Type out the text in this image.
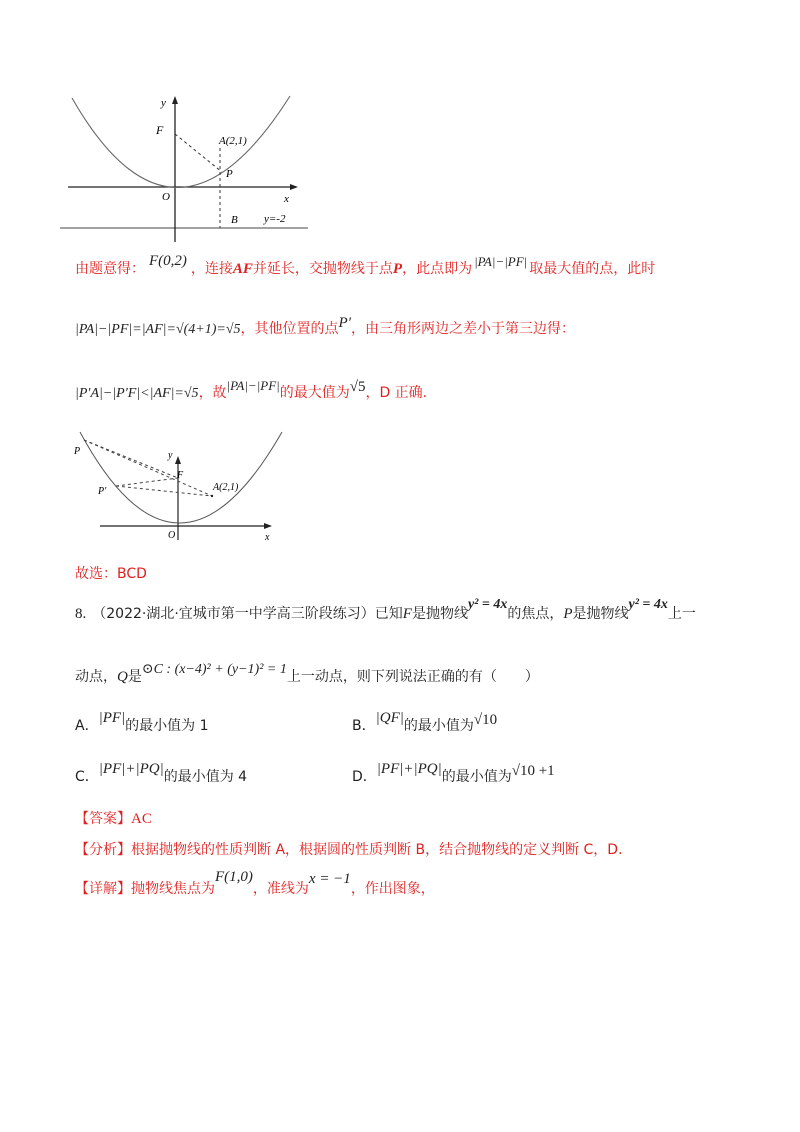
y
F
A(2,1)
P
O	x
B y=-2
由题意得： F(0,2) ，连接AF并延长，交抛物线于点P，此点即为 $^{|PA|-|PF|}$ 取最大值的点，此时
|PA|−|PF|=|AF|=√(4+1)=√5，其他位置的点P′，由三角形两边之差小于第三边得：
|P′A|−|P′F|<|AF|=√5，故$^{|PA|-|PF|}$的最大值为√5，D 正确.
P	y
F
P′	A(2,1)
O	x
故选：BCD
8. （2022·湖北·宜城市第一中学高三阶段练习）已知F是抛物线y² = 4x的焦点，P是抛物线y² = 4x上一
动点，Q是⊙C : (x−4)² + (y−1)² = 1上一动点，则下列说法正确的有（　　）
A．|PF|的最小值为 1	B．|QF|的最小值为√10
C．|PF|+|PQ|的最小值为 4	D．|PF|+|PQ|的最小值为√10 +1
【答案】AC
【分析】根据抛物线的性质判断 A，根据圆的性质判断 B，结合抛物线的定义判断 C，D.
【详解】抛物线焦点为F(1,0)，准线为x = −1，作出图象，
